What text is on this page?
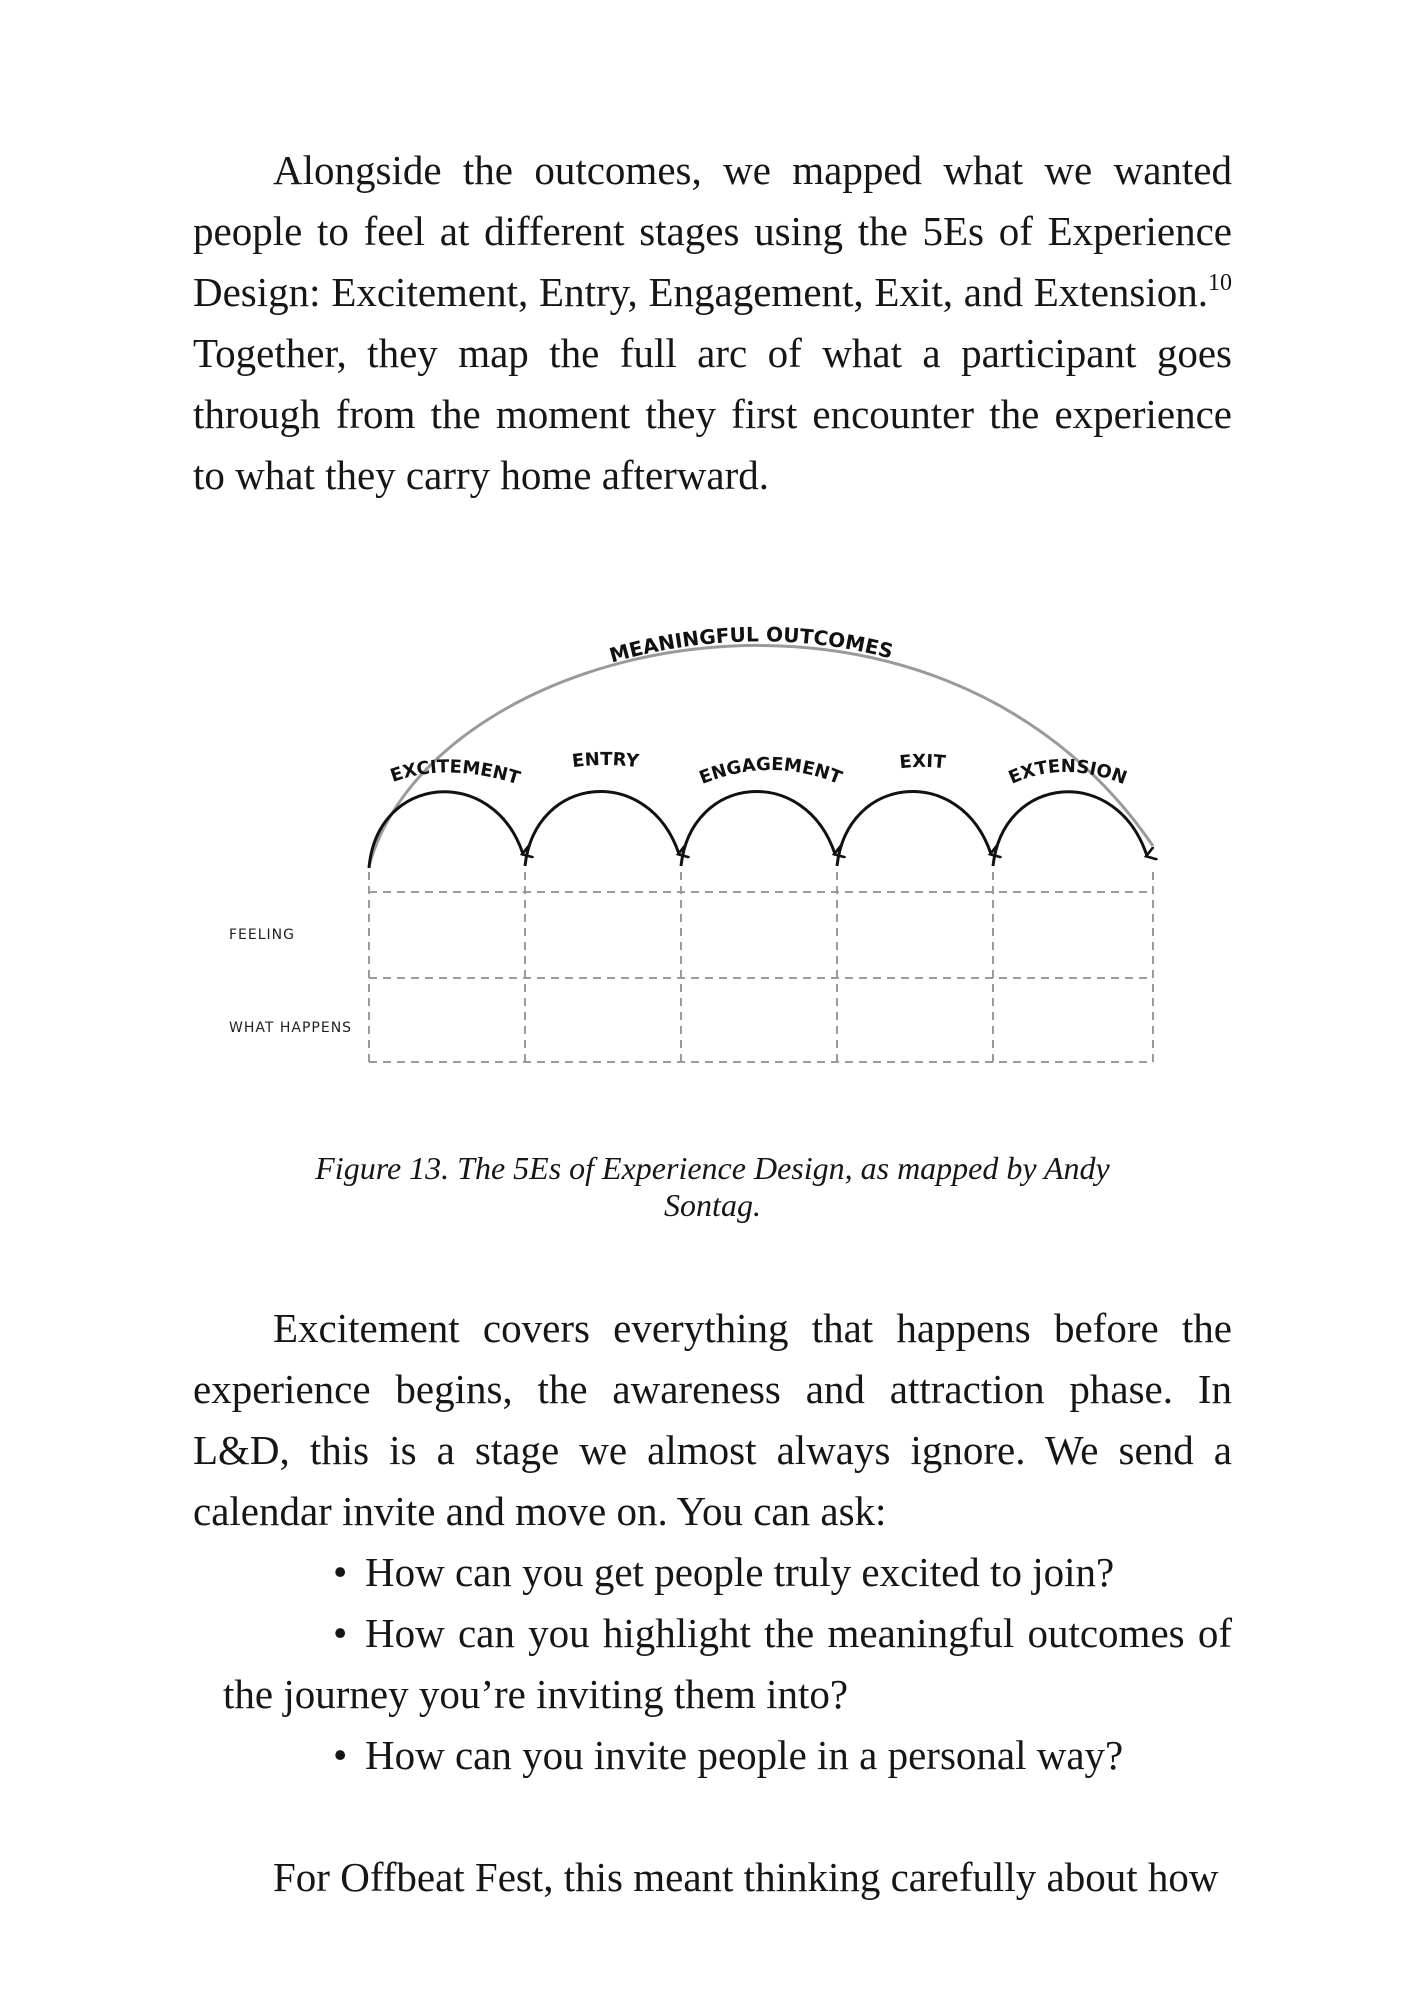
Alongside the outcomes, we mapped what we wanted people to feel at different stages using the 5Es of Experience Design: Excitement, Entry, Engagement, Exit, and Extension.$^{10}$ Together, they map the full arc of what a participant goes through from the moment they first encounter the experience to what they carry home afterward.

MEANINGFUL OUTCOMES
EXCITEMENT
ENTRY
ENGAGEMENT
EXIT
EXTENSION
FEELING
WHAT HAPPENS

Figure 13. The 5Es of Experience Design, as mapped by Andy Sontag.

Excitement covers everything that happens before the experience begins, the awareness and attraction phase. In L&D, this is a stage we almost always ignore. We send a calendar invite and move on. You can ask:

• How can you get people truly excited to join?
• How can you highlight the meaningful outcomes of the journey you’re inviting them into?
• How can you invite people in a personal way?

For Offbeat Fest, this meant thinking carefully about how
